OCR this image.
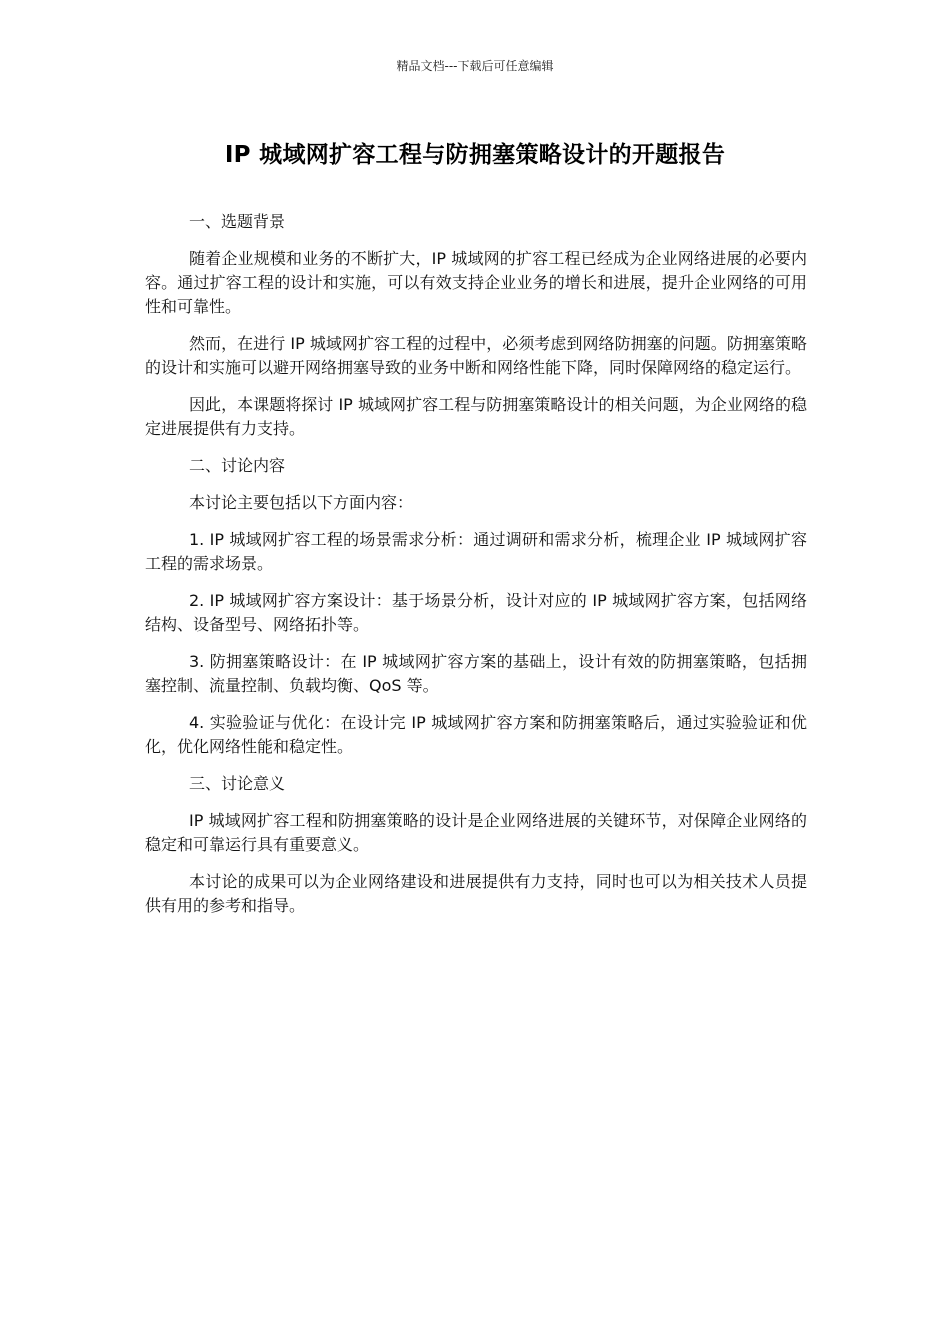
精品文档---下载后可任意编辑
IP 城域网扩容工程与防拥塞策略设计的开题报告

一、选题背景

随着企业规模和业务的不断扩大，IP 城域网的扩容工程已经成为企业网络进展的必要内容。通过扩容工程的设计和实施，可以有效支持企业业务的增长和进展，提升企业网络的可用性和可靠性。

然而，在进行 IP 城域网扩容工程的过程中，必须考虑到网络防拥塞的问题。防拥塞策略的设计和实施可以避开网络拥塞导致的业务中断和网络性能下降，同时保障网络的稳定运行。

因此，本课题将探讨 IP 城域网扩容工程与防拥塞策略设计的相关问题，为企业网络的稳定进展提供有力支持。

二、讨论内容

本讨论主要包括以下方面内容：

1. IP 城域网扩容工程的场景需求分析：通过调研和需求分析，梳理企业 IP 城域网扩容工程的需求场景。

2. IP 城域网扩容方案设计：基于场景分析，设计对应的 IP 城域网扩容方案，包括网络结构、设备型号、网络拓扑等。

3. 防拥塞策略设计：在 IP 城域网扩容方案的基础上，设计有效的防拥塞策略，包括拥塞控制、流量控制、负载均衡、QoS 等。

4. 实验验证与优化：在设计完 IP 城域网扩容方案和防拥塞策略后，通过实验验证和优化，优化网络性能和稳定性。

三、讨论意义

IP 城域网扩容工程和防拥塞策略的设计是企业网络进展的关键环节，对保障企业网络的稳定和可靠运行具有重要意义。

本讨论的成果可以为企业网络建设和进展提供有力支持，同时也可以为相关技术人员提供有用的参考和指导。
